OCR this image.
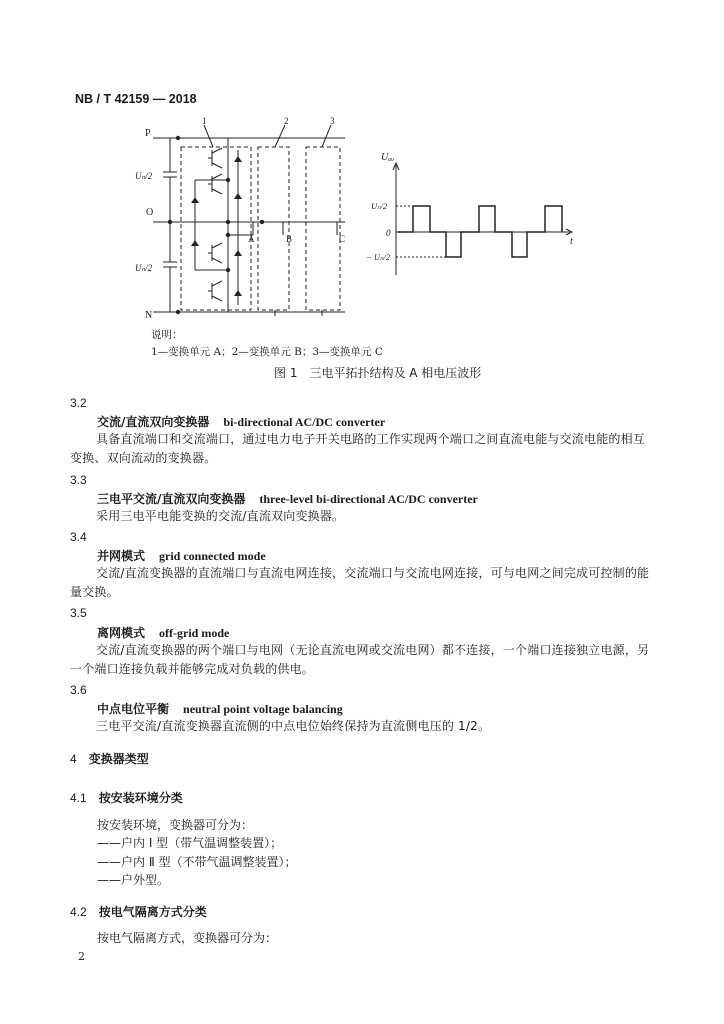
NB / T 42159 — 2018
P
N
O
Uₙ/2
Uₙ/2
1	2	3
A	B	C
Uₐₒ
Uₙ/2
− Uₙ/2
0
t
说明：
1—变换单元 A；2—变换单元 B；3—变换单元 C
图 1　三电平拓扑结构及 A 相电压波形
3.2
交流/直流双向变换器 bi-directional AC/DC converter
具备直流端口和交流端口，通过电力电子开关电路的工作实现两个端口之间直流电能与交流电能的相互变换、双向流动的变换器。
3.3
三电平交流/直流双向变换器 three-level bi-directional AC/DC converter
采用三电平电能变换的交流/直流双向变换器。
3.4
并网模式 grid connected mode
交流/直流变换器的直流端口与直流电网连接，交流端口与交流电网连接，可与电网之间完成可控制的能量交换。
3.5
离网模式 off-grid mode
交流/直流变换器的两个端口与电网（无论直流电网或交流电网）都不连接，一个端口连接独立电源，另一个端口连接负载并能够完成对负载的供电。
3.6
中点电位平衡 neutral point voltage balancing
三电平交流/直流变换器直流侧的中点电位始终保持为直流侧电压的 1/2。
4 变换器类型
4.1 按安装环境分类
按安装环境，变换器可分为：
——户内 Ⅰ 型（带气温调整装置）；
——户内 Ⅱ 型（不带气温调整装置）；
——户外型。
4.2 按电气隔离方式分类
按电气隔离方式，变换器可分为：
2
